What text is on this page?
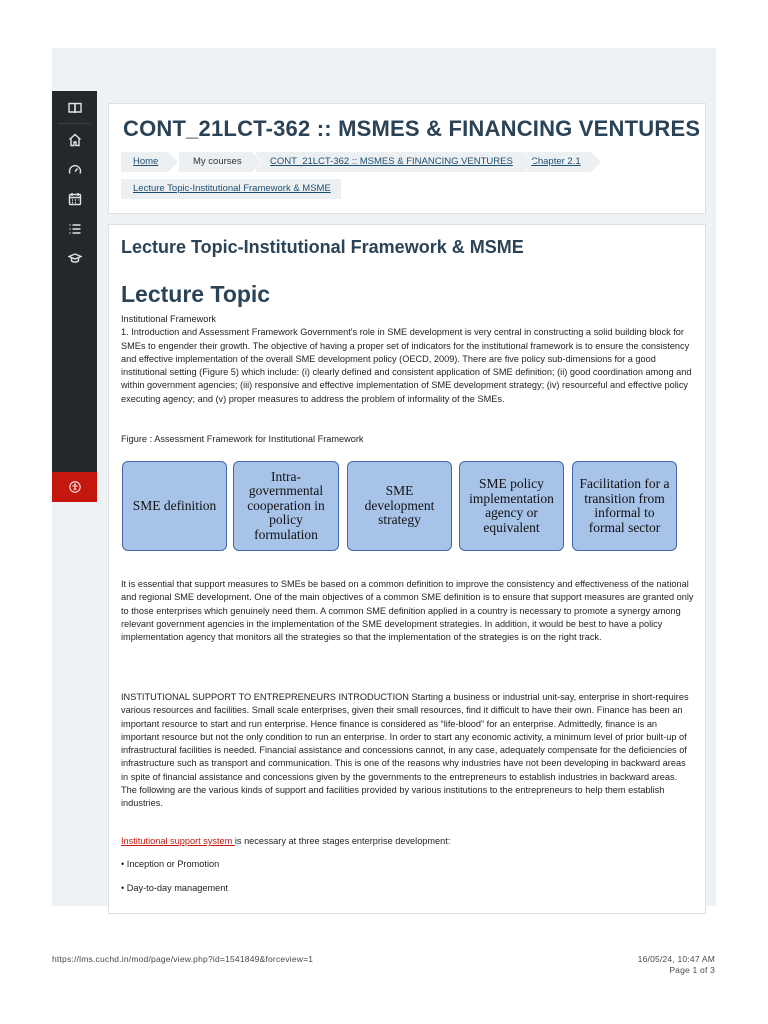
CONT_21LCT-362 :: MSMES & FINANCING VENTURES
Home	My courses	CONT_21LCT-362 :: MSMES & FINANCING VENTURES	Chapter 2.1
Lecture Topic-Institutional Framework & MSME
Lecture Topic-Institutional Framework & MSME
Lecture Topic
Institutional Framework
1. Introduction and Assessment Framework Government's role in SME development is very central in constructing a solid building block for SMEs to engender their growth. The objective of having a proper set of indicators for the institutional framework is to ensure the consistency and effective implementation of the overall SME development policy (OECD, 2009). There are five policy sub-dimensions for a good institutional setting (Figure 5) which include: (i) clearly defined and consistent application of SME definition; (ii) good coordination among and within government agencies; (iii) responsive and effective implementation of SME development strategy; (iv) resourceful and effective policy executing agency; and (v) proper measures to address the problem of informality of the SMEs.
Figure : Assessment Framework for Institutional Framework
SME definition
Intra-governmental cooperation in policy formulation
SME development strategy
SME policy implementation agency or equivalent
Facilitation for a transition from informal to formal sector
It is essential that support measures to SMEs be based on a common definition to improve the consistency and effectiveness of the national and regional SME development. One of the main objectives of a common SME definition is to ensure that support measures are granted only to those enterprises which genuinely need them. A common SME definition applied in a country is necessary to promote a synergy among relevant government agencies in the implementation of the SME development strategies. In addition, it would be best to have a policy implementation agency that monitors all the strategies so that the implementation of the strategies is on the right track.
INSTITUTIONAL SUPPORT TO ENTREPRENEURS INTRODUCTION Starting a business or industrial unit-say, enterprise in short-requires various resources and facilities. Small scale enterprises, given their small resources, find it difficult to have their own. Finance has been an important resource to start and run enterprise. Hence finance is considered as “life-blood” for an enterprise. Admittedly, finance is an important resource but not the only condition to run an enterprise. In order to start any economic activity, a minimum level of prior built-up of infrastructural facilities is needed. Financial assistance and concessions cannot, in any case, adequately compensate for the deficiencies of infrastructure such as transport and communication. This is one of the reasons why industries have not been developing in backward areas in spite of financial assistance and concessions given by the governments to the entrepreneurs to establish industries in backward areas. The following are the various kinds of support and facilities provided by various institutions to the entrepreneurs to help them establish industries.
Institutional support system is necessary at three stages enterprise development:
• Inception or Promotion
• Day-to-day management
https://lms.cuchd.in/mod/page/view.php?id=1541849&forceview=1	16/05/24, 10:47 AM
Page 1 of 3
